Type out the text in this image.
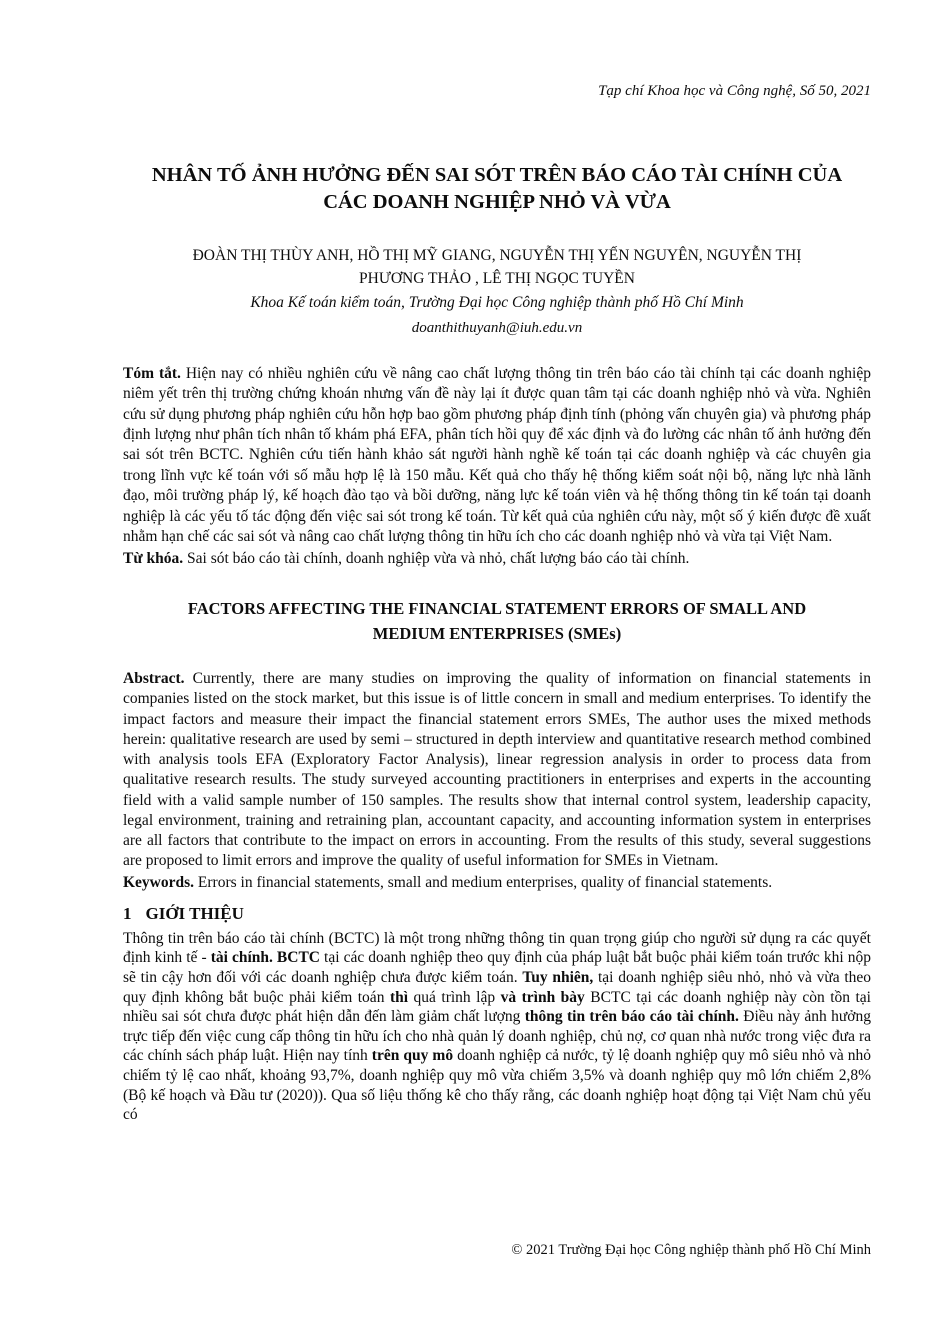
Tạp chí Khoa học và Công nghệ, Số 50, 2021
NHÂN TỐ ẢNH HƯỞNG ĐẾN SAI SÓT TRÊN BÁO CÁO TÀI CHÍNH CỦA CÁC DOANH NGHIỆP NHỎ VÀ VỪA
ĐOÀN THỊ THÙY ANH, HỒ THỊ MỸ GIANG, NGUYỄN THỊ YẾN NGUYÊN, NGUYỄN THỊ PHƯƠNG THẢO , LÊ THỊ NGỌC TUYỀN
Khoa Kế toán kiểm toán, Trường Đại học Công nghiệp thành phố Hồ Chí Minh
doanthithuyanh@iuh.edu.vn
Tóm tắt. Hiện nay có nhiều nghiên cứu về nâng cao chất lượng thông tin trên báo cáo tài chính tại các doanh nghiệp niêm yết trên thị trường chứng khoán nhưng vấn đề này lại ít được quan tâm tại các doanh nghiệp nhỏ và vừa. Nghiên cứu sử dụng phương pháp nghiên cứu hỗn hợp bao gồm phương pháp định tính (phỏng vấn chuyên gia) và phương pháp định lượng như phân tích nhân tố khám phá EFA, phân tích hồi quy để xác định và đo lường các nhân tố ảnh hưởng đến sai sót trên BCTC. Nghiên cứu tiến hành khảo sát người hành nghề kế toán tại các doanh nghiệp và các chuyên gia trong lĩnh vực kế toán với số mẫu hợp lệ là 150 mẫu. Kết quả cho thấy hệ thống kiểm soát nội bộ, năng lực nhà lãnh đạo, môi trường pháp lý, kế hoạch đào tạo và bồi dưỡng, năng lực kế toán viên và hệ thống thông tin kế toán tại doanh nghiệp là các yếu tố tác động đến việc sai sót trong kế toán. Từ kết quả của nghiên cứu này, một số ý kiến được đề xuất nhằm hạn chế các sai sót và nâng cao chất lượng thông tin hữu ích cho các doanh nghiệp nhỏ và vừa tại Việt Nam.
Từ khóa. Sai sót báo cáo tài chính, doanh nghiệp vừa và nhỏ, chất lượng báo cáo tài chính.
FACTORS AFFECTING THE FINANCIAL STATEMENT ERRORS OF SMALL AND MEDIUM ENTERPRISES (SMEs)
Abstract. Currently, there are many studies on improving the quality of information on financial statements in companies listed on the stock market, but this issue is of little concern in small and medium enterprises. To identify the impact factors and measure their impact the financial statement errors SMEs, The author uses the mixed methods herein: qualitative research are used by semi – structured in depth interview and quantitative research method combined with analysis tools EFA (Exploratory Factor Analysis), linear regression analysis in order to process data from qualitative research results. The study surveyed accounting practitioners in enterprises and experts in the accounting field with a valid sample number of 150 samples. The results show that internal control system, leadership capacity, legal environment, training and retraining plan, accountant capacity, and accounting information system in enterprises are all factors that contribute to the impact on errors in accounting. From the results of this study, several suggestions are proposed to limit errors and improve the quality of useful information for SMEs in Vietnam.
Keywords. Errors in financial statements, small and medium enterprises, quality of financial statements.
1 GIỚI THIỆU
Thông tin trên báo cáo tài chính (BCTC) là một trong những thông tin quan trọng giúp cho người sử dụng ra các quyết định kinh tế - tài chính. BCTC tại các doanh nghiệp theo quy định của pháp luật bắt buộc phải kiểm toán trước khi nộp sẽ tin cậy hơn đối với các doanh nghiệp chưa được kiểm toán. Tuy nhiên, tại doanh nghiệp siêu nhỏ, nhỏ và vừa theo quy định không bắt buộc phải kiểm toán thì quá trình lập và trình bày BCTC tại các doanh nghiệp này còn tồn tại nhiều sai sót chưa được phát hiện dẫn đến làm giảm chất lượng thông tin trên báo cáo tài chính. Điều này ảnh hưởng trực tiếp đến việc cung cấp thông tin hữu ích cho nhà quản lý doanh nghiệp, chủ nợ, cơ quan nhà nước trong việc đưa ra các chính sách pháp luật. Hiện nay tính trên quy mô doanh nghiệp cả nước, tỷ lệ doanh nghiệp quy mô siêu nhỏ và nhỏ chiếm tỷ lệ cao nhất, khoảng 93,7%, doanh nghiệp quy mô vừa chiếm 3,5% và doanh nghiệp quy mô lớn chiếm 2,8% (Bộ kế hoạch và Đầu tư (2020)). Qua số liệu thống kê cho thấy rằng, các doanh nghiệp hoạt động tại Việt Nam chủ yếu có
© 2021 Trường Đại học Công nghiệp thành phố Hồ Chí Minh
